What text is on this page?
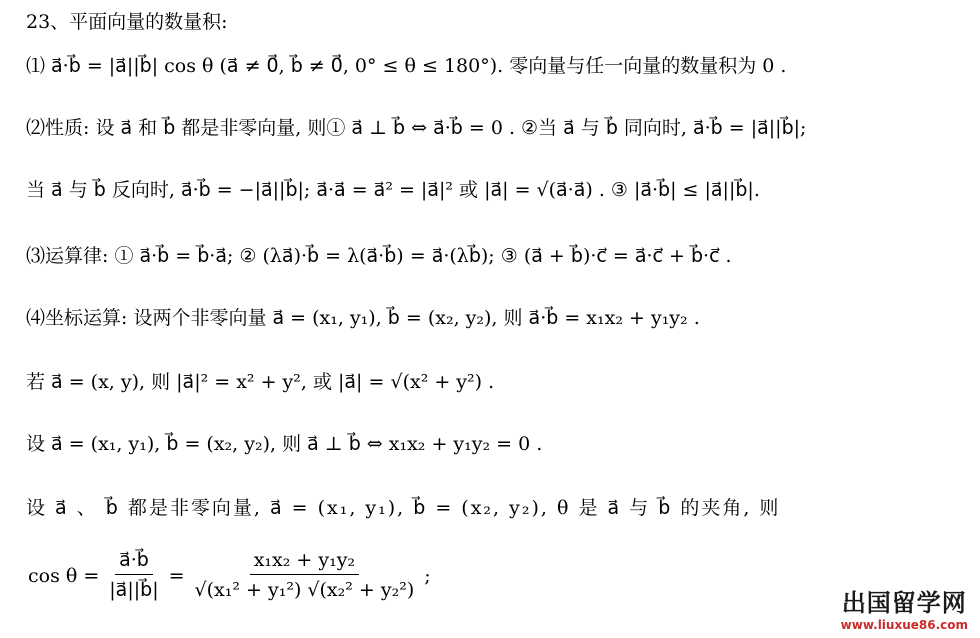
23、平面向量的数量积:
⑴ a⃗·b⃗ = |a⃗||b⃗| cos θ (a⃗ ≠ 0⃗, b⃗ ≠ 0⃗, 0° ≤ θ ≤ 180°). 零向量与任一向量的数量积为 0 .
⑵性质: 设 a⃗ 和 b⃗ 都是非零向量, 则① a⃗ ⊥ b⃗ ⇔ a⃗·b⃗ = 0 . ②当 a⃗ 与 b⃗ 同向时, a⃗·b⃗ = |a⃗||b⃗|;
当 a⃗ 与 b⃗ 反向时, a⃗·b⃗ = −|a⃗||b⃗|; a⃗·a⃗ = a⃗² = |a⃗|² 或 |a⃗| = √(a⃗·a⃗) . ③ |a⃗·b⃗| ≤ |a⃗||b⃗|.
⑶运算律: ① a⃗·b⃗ = b⃗·a⃗; ② (λa⃗)·b⃗ = λ(a⃗·b⃗) = a⃗·(λb⃗); ③ (a⃗ + b⃗)·c⃗ = a⃗·c⃗ + b⃗·c⃗ .
⑷坐标运算: 设两个非零向量 a⃗ = (x₁, y₁), b⃗ = (x₂, y₂), 则 a⃗·b⃗ = x₁x₂ + y₁y₂ .
若 a⃗ = (x, y), 则 |a⃗|² = x² + y², 或 |a⃗| = √(x² + y²) .
设 a⃗ = (x₁, y₁), b⃗ = (x₂, y₂), 则 a⃗ ⊥ b⃗ ⇔ x₁x₂ + y₁y₂ = 0 .
设 a⃗ 、 b⃗ 都是非零向量, a⃗ = (x₁, y₁), b⃗ = (x₂, y₂), θ 是 a⃗ 与 b⃗ 的夹角, 则
$\cos \theta = \frac{a⃗\cdot b⃗}{|a⃗||b⃗|} = \frac{\text{x₁x₂ + y₁y₂}}{\text{√(x₁² + y₁²) √(x₂² + y₂²)}}$ ;
出国留学网
www.liuxue86.com
